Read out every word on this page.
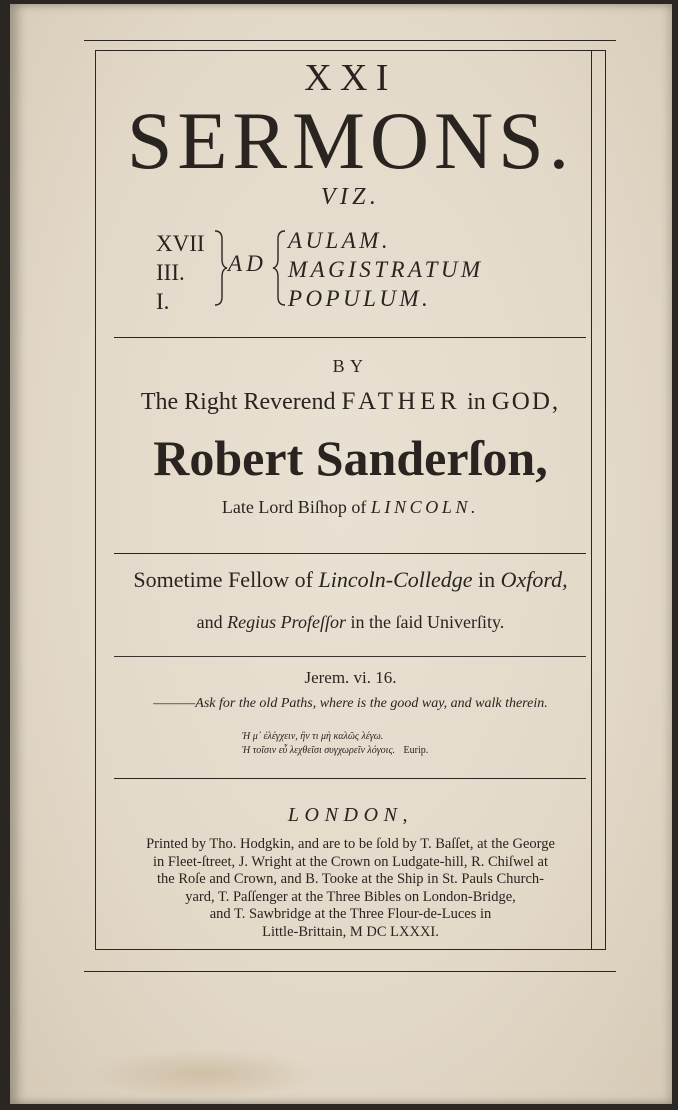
XXI
SERMONS.
VIZ.
XVII
III.
I.
AD
AULAM.
MAGISTRATUM
POPULUM.
BY
The Right Reverend FATHER in GOD,
Robert Sanderſon,
Late Lord Biſhop of LINCOLN.
Sometime Fellow of Lincoln-Colledge in Oxford,
and Regius Profeſſor in the ſaid Univerſity.
Jerem. vi. 16.
———Ask for the old Paths, where is the good way, and walk therein.
Ἡ μ᾽ ἐλέγχειν, ἣν τι μὴ καλῶς λέγω.
Ἡ τοῖσιν εὖ λεχθεῖσι συγχωρεῖν λόγοις. Eurip.
LONDON,
Printed by Tho. Hodgkin, and are to be ſold by T. Baſſet, at the George
in Fleet-ſtreet, J. Wright at the Crown on Ludgate-hill, R. Chiſwel at
the Roſe and Crown, and B. Tooke at the Ship in St. Pauls Church-
yard, T. Paſſenger at the Three Bibles on London-Bridge,
and T. Sawbridge at the Three Flour-de-Luces in
Little-Brittain, M DC LXXXI.
